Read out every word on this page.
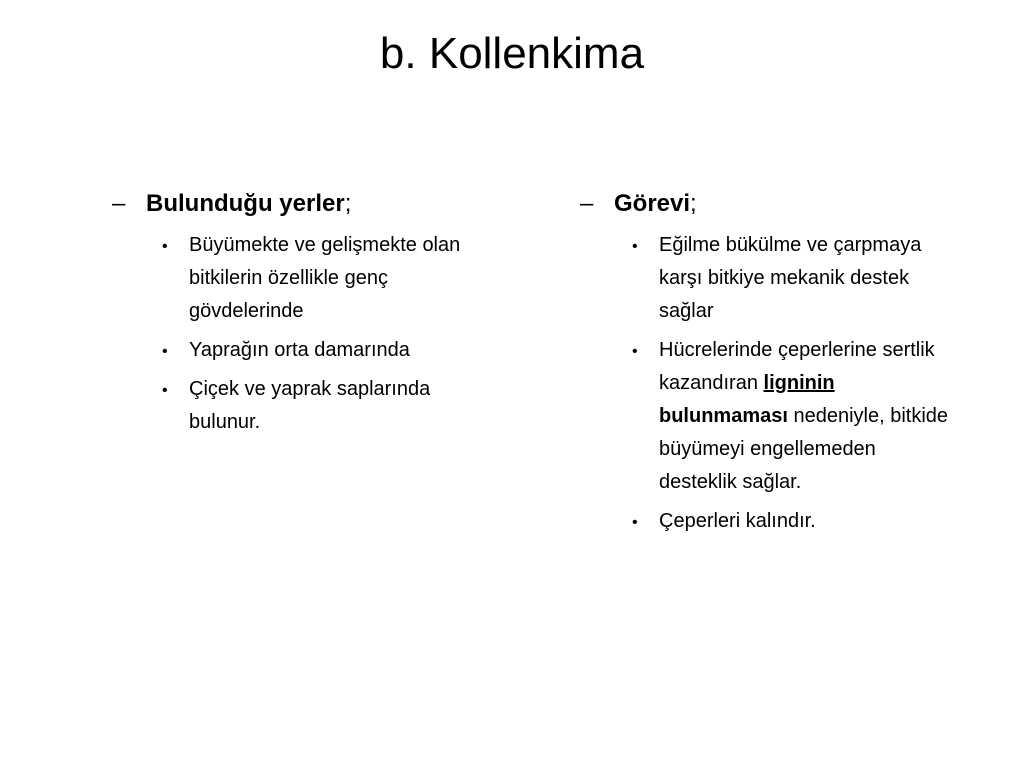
b. Kollenkima
– Bulunduğu yerler;
•	Büyümekte ve gelişmekte olan bitkilerin özellikle genç gövdelerinde
•	Yaprağın orta damarında
•	Çiçek ve yaprak saplarında bulunur.
– Görevi;
•	Eğilme bükülme ve çarpmaya karşı bitkiye mekanik destek sağlar
•	Hücrelerinde çeperlerine sertlik kazandıran ligninin bulunmaması nedeniyle, bitkide büyümeyi engellemeden desteklik sağlar.
•	Çeperleri kalındır.
